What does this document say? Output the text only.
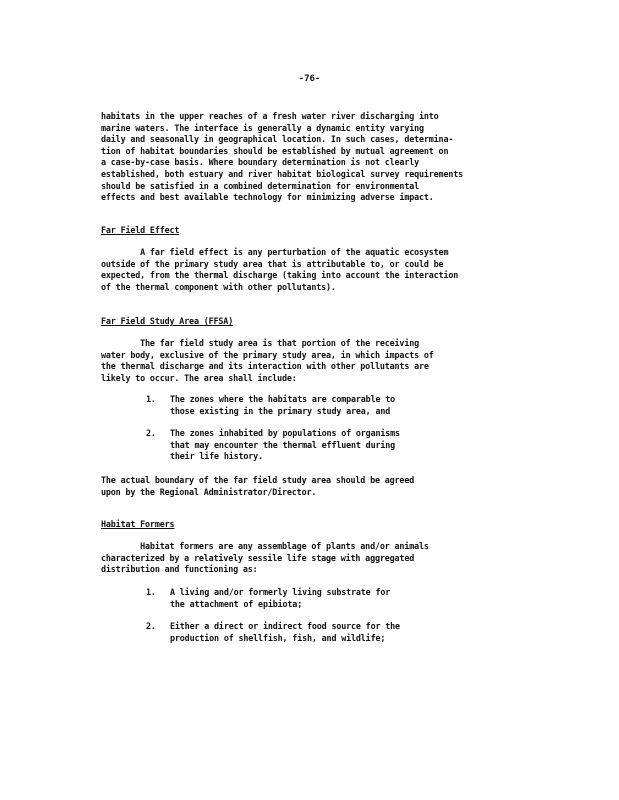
-76-
habitats in the upper reaches of a fresh water river discharging into
marine waters. The interface is generally a dynamic entity varying
daily and seasonally in geographical location. In such cases, determina-
tion of habitat boundaries should be established by mutual agreement on
a case-by-case basis. Where boundary determination is not clearly
established, both estuary and river habitat biological survey requirements
should be satisfied in a combined determination for environmental
effects and best available technology for minimizing adverse impact.
Far Field Effect
A far field effect is any perturbation of the aquatic ecosystem
outside of the primary study area that is attributable to, or could be
expected, from the thermal discharge (taking into account the interaction
of the thermal component with other pollutants).
Far Field Study Area (FFSA)
The far field study area is that portion of the receiving
water body, exclusive of the primary study area, in which impacts of
the thermal discharge and its interaction with other pollutants are
likely to occur. The area shall include:
1. The zones where the habitats are comparable to
those existing in the primary study area, and
2. The zones inhabited by populations of organisms
that may encounter the thermal effluent during
their life history.
The actual boundary of the far field study area should be agreed
upon by the Regional Administrator/Director.
Habitat Formers
Habitat formers are any assemblage of plants and/or animals
characterized by a relatively sessile life stage with aggregated
distribution and functioning as:
1. A living and/or formerly living substrate for
the attachment of epibiota;
2. Either a direct or indirect food source for the
production of shellfish, fish, and wildlife;
